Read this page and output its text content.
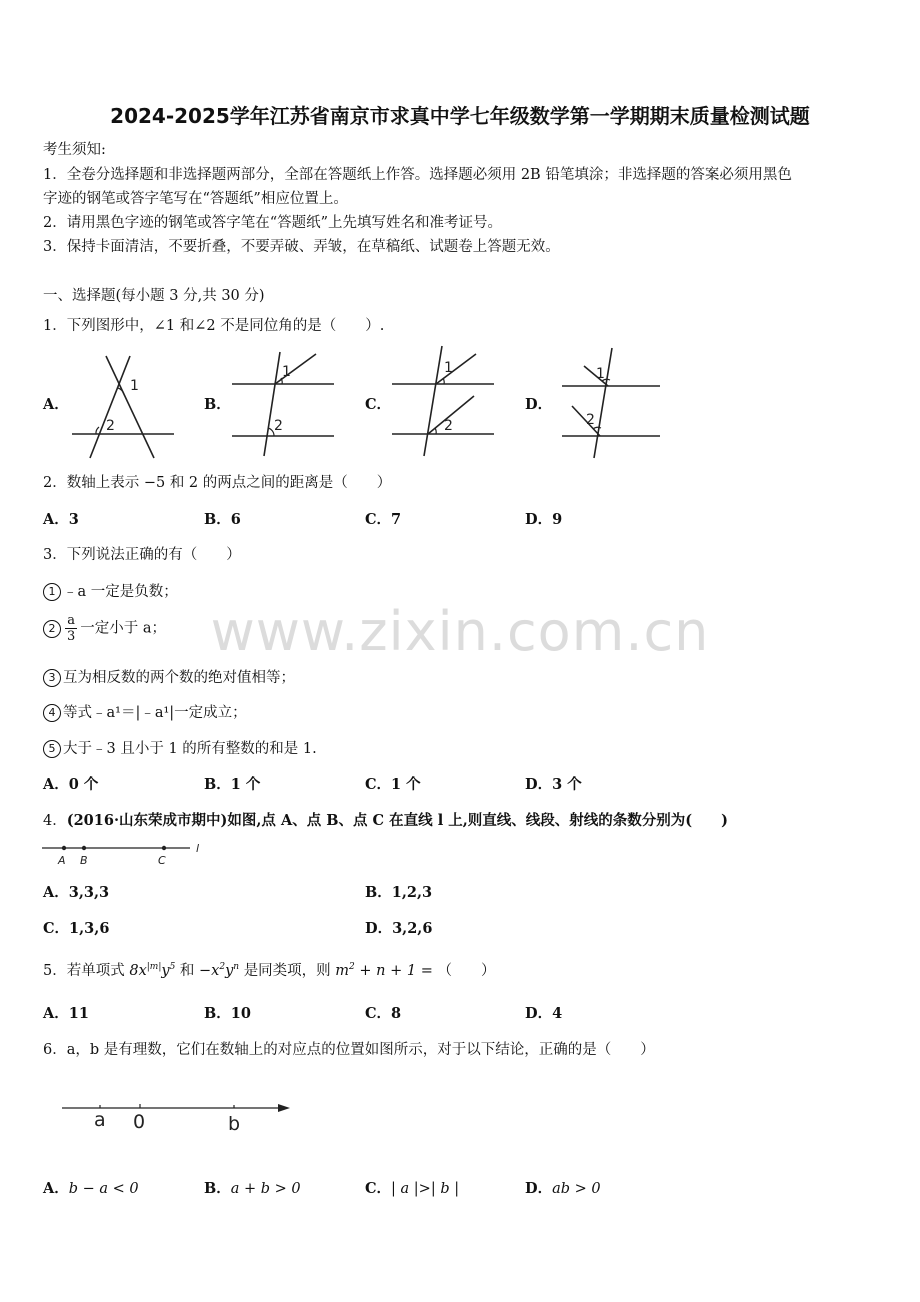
www.zixin.com.cn
2024-2025学年江苏省南京市求真中学七年级数学第一学期期末质量检测试题
考生须知:
1．全卷分选择题和非选择题两部分，全部在答题纸上作答。选择题必须用 2B 铅笔填涂；非选择题的答案必须用黑色
字迹的钢笔或答字笔写在“答题纸”相应位置上。
2．请用黑色字迹的钢笔或答字笔在“答题纸”上先填写姓名和准考证号。
3．保持卡面清洁，不要折叠，不要弄破、弄皱，在草稿纸、试题卷上答题无效。
一、选择题(每小题 3 分,共 30 分)
1．下列图形中，∠1 和∠2 不是同位角的是（　　）.
A．	B．	C．	D．
1
2
1
2
1
2
1
2
2．数轴上表示 −5 和 2 的两点之间的距离是（　　）
A．3	B．6	C．7	D．9
3．下列说法正确的有（　　）
1 ﹣a 一定是负数；
$2 \frac{a}{3}$ 一定小于 a；
3 互为相反数的两个数的绝对值相等；
4 等式﹣a¹＝|﹣a¹|一定成立；
5 大于﹣3 且小于 1 的所有整数的和是 1.
A．0 个	B．1 个	C．1 个	D．3 个
4．(2016·山东荣成市期中)如图,点 A、点 B、点 C 在直线 l 上,则直线、线段、射线的条数分别为(　　)
A B	C
l
A．3,3,3	B．1,2,3
C．1,3,6	D．3,2,6
5．若单项式 $8x^{|m|}y^5$ 和 $-x^2y^n$ 是同类项，则 $m^2 + n + 1$ = （　　）
A．11	B．10	C．8	D．4
6．a，b 是有理数，它们在数轴上的对应点的位置如图所示，对于以下结论，正确的是（　　）
a 0	b
A．b − a < 0	B．a + b > 0	C．| a |>| b |	D．ab > 0
